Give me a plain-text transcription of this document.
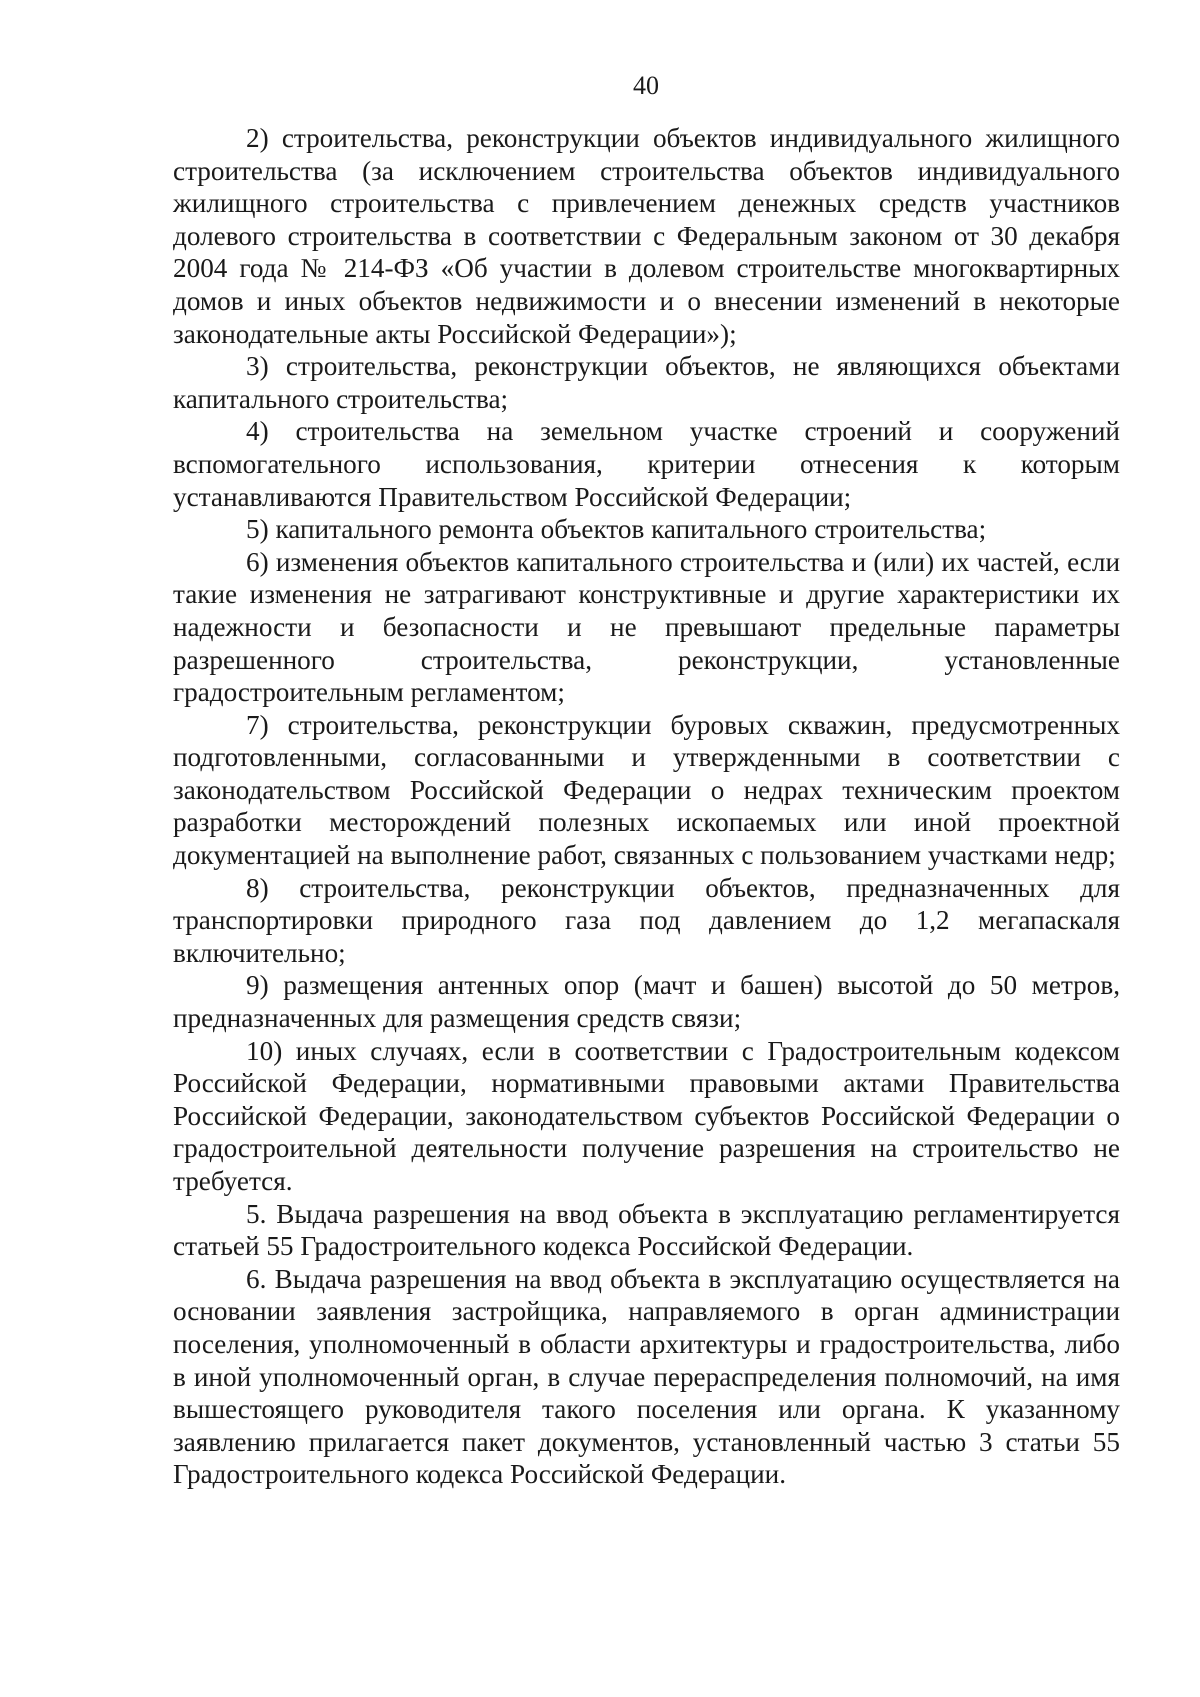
40

2) строительства, реконструкции объектов индивидуального жилищного строительства (за исключением строительства объектов индивидуального жилищного строительства с привлечением денежных средств участников долевого строительства в соответствии с Федеральным законом от 30 декабря 2004 года № 214-ФЗ «Об участии в долевом строительстве многоквартирных домов и иных объектов недвижимости и о внесении изменений в некоторые законодательные акты Российской Федерации»);

3) строительства, реконструкции объектов, не являющихся объектами капитального строительства;

4) строительства на земельном участке строений и сооружений вспомогательного использования, критерии отнесения к которым устанавливаются Правительством Российской Федерации;

5) капитального ремонта объектов капитального строительства;

6) изменения объектов капитального строительства и (или) их частей, если такие изменения не затрагивают конструктивные и другие характеристики их надежности и безопасности и не превышают предельные параметры разрешенного строительства, реконструкции, установленные градостроительным регламентом;

7) строительства, реконструкции буровых скважин, предусмотренных подготовленными, согласованными и утвержденными в соответствии с законодательством Российской Федерации о недрах техническим проектом разработки месторождений полезных ископаемых или иной проектной документацией на выполнение работ, связанных с пользованием участками недр;

8) строительства, реконструкции объектов, предназначенных для транспортировки природного газа под давлением до 1,2 мегапаскаля включительно;

9) размещения антенных опор (мачт и башен) высотой до 50 метров, предназначенных для размещения средств связи;

10) иных случаях, если в соответствии с Градостроительным кодексом Российской Федерации, нормативными правовыми актами Правительства Российской Федерации, законодательством субъектов Российской Федерации о градостроительной деятельности получение разрешения на строительство не требуется.

5. Выдача разрешения на ввод объекта в эксплуатацию регламентируется статьей 55 Градостроительного кодекса Российской Федерации.

6. Выдача разрешения на ввод объекта в эксплуатацию осуществляется на основании заявления застройщика, направляемого в орган администрации поселения, уполномоченный в области архитектуры и градостроительства, либо в иной уполномоченный орган, в случае перераспределения полномочий, на имя вышестоящего руководителя такого поселения или органа. К указанному заявлению прилагается пакет документов, установленный частью 3 статьи 55 Градостроительного кодекса Российской Федерации.
